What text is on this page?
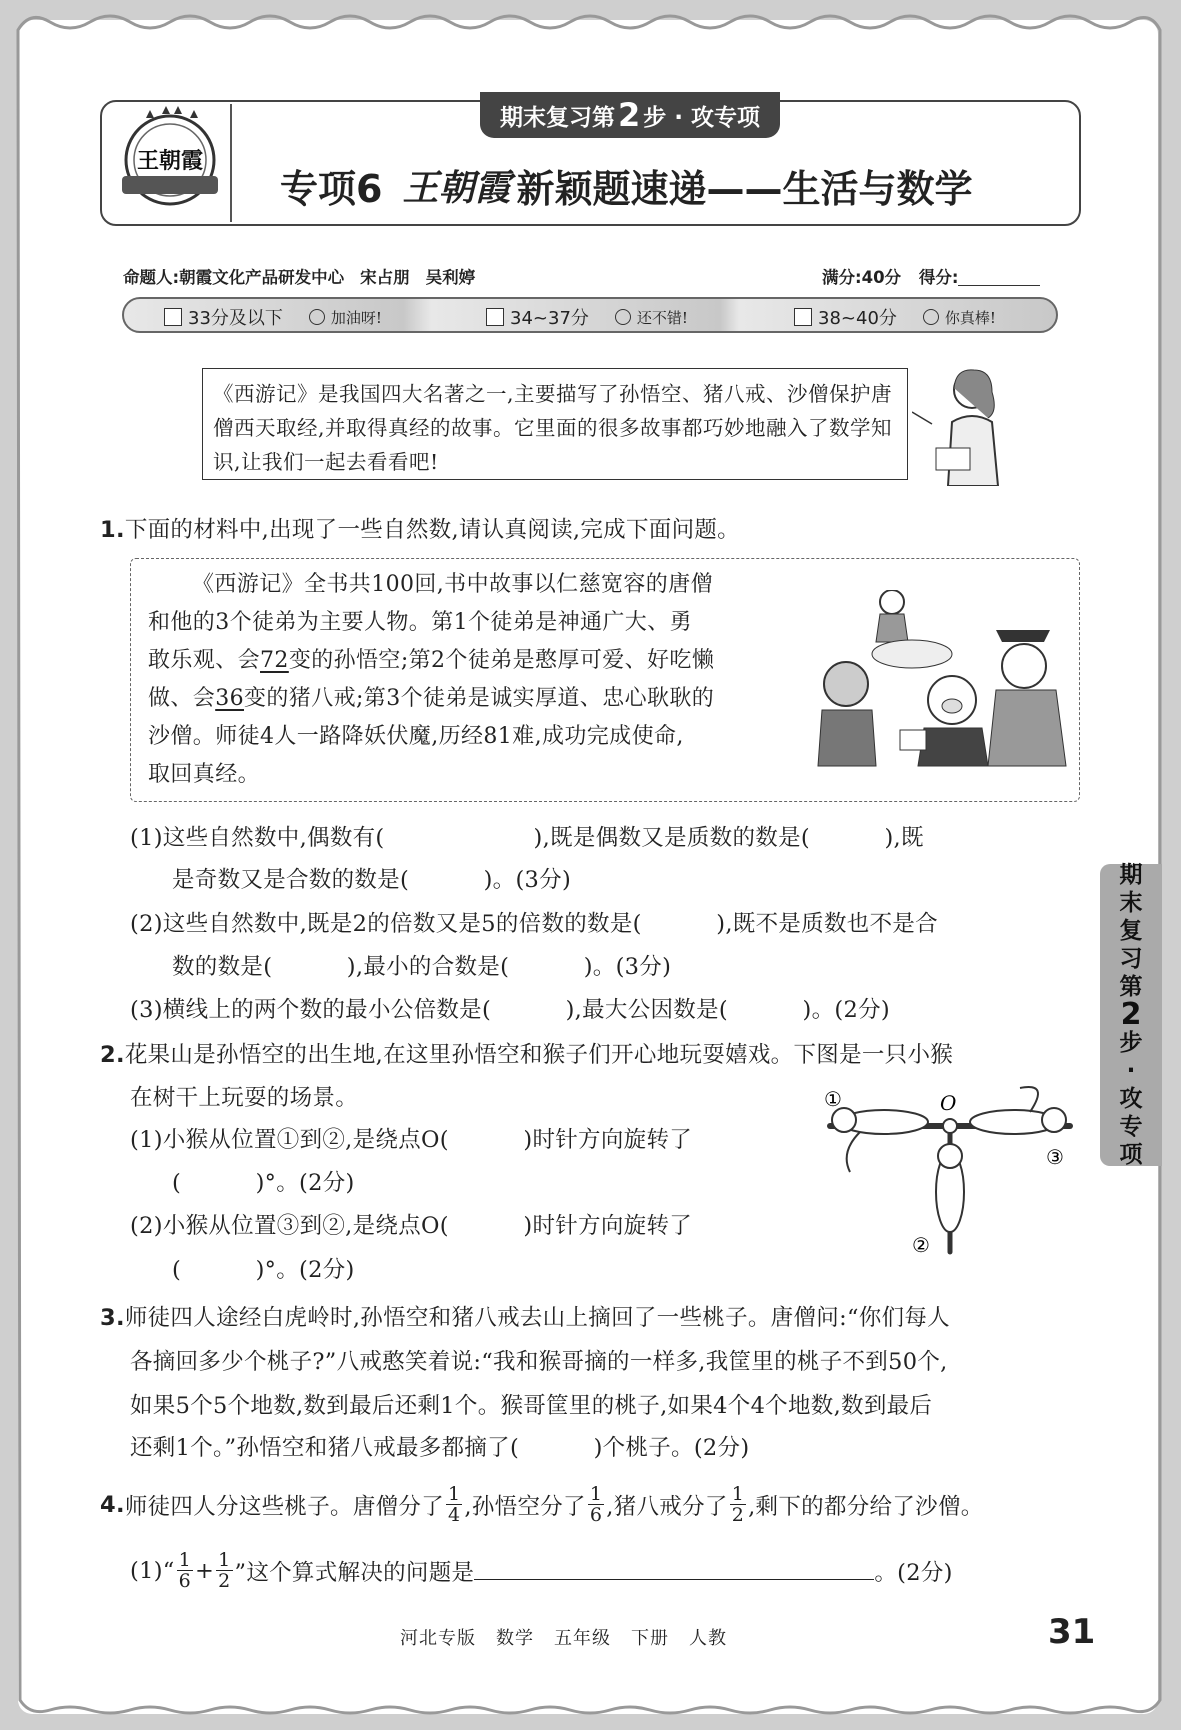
王朝霞
期末复习第 2 步 · 攻专项
专项6 王朝霞 新颖题速递——生活与数学
命题人:朝霞文化产品研发中心 宋占朋 吴利婷	满分:40分 得分:
33分及以下	加油呀!	34~37分	还不错!	38~40分	你真棒!
《西游记》是我国四大名著之一,主要描写了孙悟空、猪八戒、沙僧保护唐僧西天取经,并取得真经的故事。它里面的很多故事都巧妙地融入了数学知识,让我们一起去看看吧!
1.下面的材料中,出现了一些自然数,请认真阅读,完成下面问题。
《西游记》全书共100回,书中故事以仁慈宽容的唐僧
和他的3个徒弟为主要人物。第1个徒弟是神通广大、勇
敢乐观、会72变的孙悟空;第2个徒弟是憨厚可爱、好吃懒
做、会36变的猪八戒;第3个徒弟是诚实厚道、忠心耿耿的
沙僧。师徒4人一路降妖伏魔,历经81难,成功完成使命,
取回真经。
(1)这些自然数中,偶数有(                    ),既是偶数又是质数的数是(          ),既
是奇数又是合数的数是(          )。(3分)
(2)这些自然数中,既是2的倍数又是5的倍数的数是(          ),既不是质数也不是合
数的数是(          ),最小的合数是(          )。(3分)
(3)横线上的两个数的最小公倍数是(          ),最大公因数是(          )。(2分)
2.花果山是孙悟空的出生地,在这里孙悟空和猴子们开心地玩耍嬉戏。下图是一只小猴
在树干上玩耍的场景。
(1)小猴从位置①到②,是绕点O(          )时针方向旋转了
(          )°。(2分)
(2)小猴从位置③到②,是绕点O(          )时针方向旋转了
(          )°。(2分)
①	O
③
②
期
末
复
习
第
2
步
·
攻
专
项
3.师徒四人途经白虎岭时,孙悟空和猪八戒去山上摘回了一些桃子。唐僧问:“你们每人
各摘回多少个桃子?”八戒憨笑着说:“我和猴哥摘的一样多,我筐里的桃子不到50个,
如果5个5个地数,数到最后还剩1个。猴哥筐里的桃子,如果4个4个地数,数到最后
还剩1个。”孙悟空和猪八戒最多都摘了(          )个桃子。(2分)
4. 师徒四人分这些桃子。唐僧分了 $\frac{1}{4}$ ,孙悟空分了 $\frac{1}{6}$ ,猪八戒分了 $\frac{1}{2}$ ,剩下的都分给了沙僧。
(1)“ $\frac{1}{6} + \frac{1}{2}$ ”这个算式解决的问题是	。(2分)
河北专版 数学 五年级 下册 人教	31
